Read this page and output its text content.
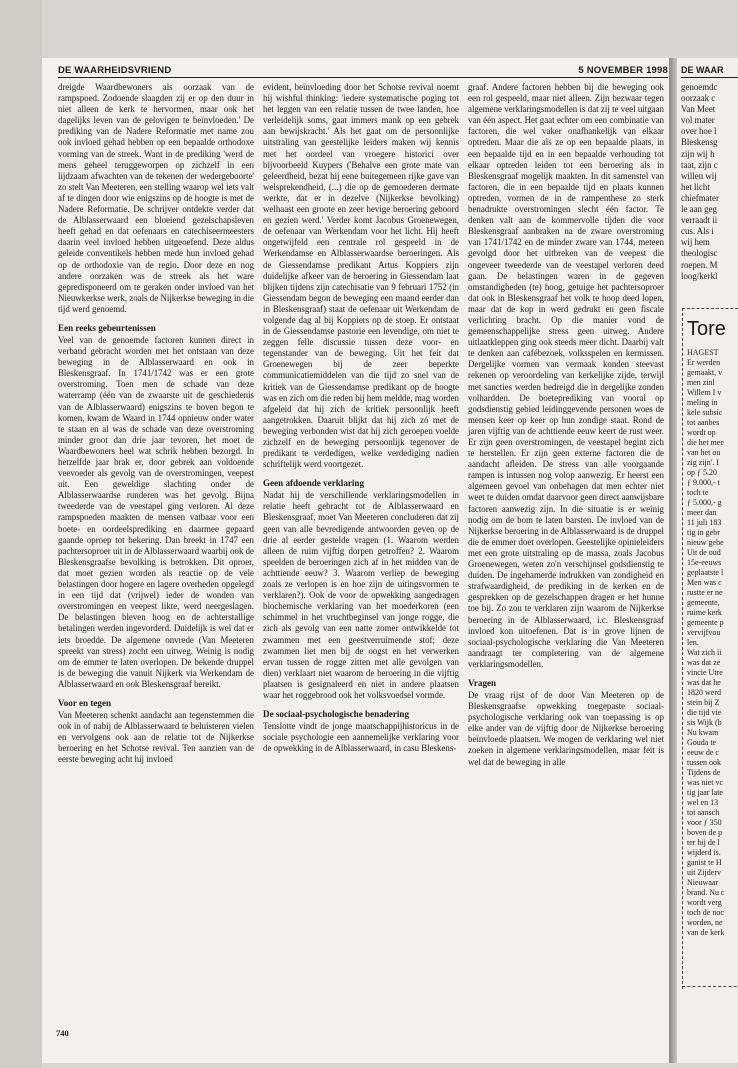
DE WAARHEIDSVRIEND	5 NOVEMBER 1998

dreigde Waardbewoners als oorzaak van de rampspoed. Zodoende slaagden zij er op den duur in niet alleen de kerk te hervormen, maar ook het dagelijks leven van de gelovigen te beïnvloeden.' De prediking van de Nadere Reformatie met name zou ook invloed gehad hebben op een bepaalde orthodoxe vorming van de streek. Want in de prediking 'werd de mens geheel teruggeworpen op zichzelf in een lijdzaam afwachten van de tekenen der wedergeboorte' zo stelt Van Meeteren, een stelling waarop wel iets valt af te dingen door wie enigszins op de hoogte is met de Nadere Reformatie. De schrijver ontdekte verder dat de Alblasserwaard een bloeiend gezelschapsleven heeft gehad en dat oefenaars en catechiseermeesters daarin veel invloed hebben uitgeoefend. Deze aldus geleide conventikels hebben mede hun invloed gehad op de orthodoxie van de regio. Door deze en nog andere oorzaken was de streek als het ware gepredisponeerd om te geraken onder invloed van het Nieuwkerkse werk, zoals de Nijkerkse beweging in die tijd werd genoemd.

Een reeks gebeurtenissen

Veel van de genoemde factoren kunnen direct in verband gebracht worden met het ontstaan van deze beweging in de Alblasserwaard en ook in Bleskensgraaf. In 1741/1742 was er een grote overstroming. Toen men de schade van deze waterramp (één van de zwaarste uit de geschiedenis van de Alblasserwaard) enigszins te boven begon te komen, kwam de Waard in 1744 opnieuw onder water te staan en al was de schade van deze overstroming minder groot dan drie jaar tevoren, het moet de Waardbewoners heel wat schrik hebben bezorgd. In hetzelfde jaar brak er, door gebrek aan voldoende veevoeder als gevolg van de overstromingen, veepest uit. Een geweldige slachting onder de Alblasserwaardse runderen was het gevolg. Bijna tweederde van de veestapel ging verloren. Al deze rampspoeden maakten de mensen vatbaar voor een boete- en oordeelsprediking en daarmee gepaard gaande oproep tot bekering. Dan breekt in 1747 een pachtersoproer uit in de Alblasserwaard waarbij ook de Bleskensgraafse bevolking is betrokken. Dit oproer, dat moet gezien worden als reactie op de vele belastingen door hogere en lagere overheden opgelegd in een tijd dat (vrijwel) ieder de wonden van overstromingen en veepest likte, werd neergeslagen. De belastingen bleven hoog en de achterstallige betalingen werden ingevorderd. Duidelijk is wel dat er iets broedde. De algemene onvrede (Van Meeteren spreekt van stress) zocht een uitweg. Weinig is nodig om de emmer te laten overlopen. De bekende druppel is de beweging die vanuit Nijkerk via Werkendam de Alblasserwaard en ook Bleskensgraaf bereikt.

Voor en tegen

Van Meeteren schenkt aandacht aan tegenstemmen die ook in of nabij de Alblasserwaard te beluisteren vielen en vervolgens ook aan de relatie tot de Nijkerkse beroering en het Schotse revival. Ten aanzien van de eerste beweging acht hij invloed

evident, beïnvloeding door het Schotse revival noemt hij wishful thinking: 'iedere systematische poging tot het leggen van een relatie tussen de twee landen, hoe verleidelijk soms, gaat immers mank op een gebrek aan bewijskracht.' Als het gaat om de persoonlijke uitstraling van geestelijke leiders maken wij kennis met het oordeel van vroegere historici over bijvoorbeeld Kuypers ('Behalve een grote mate van geleerdheid, bezat hij eene buitegemeen rijke gave van welsprekendheid, (...) die op de gemoederen dermate werkte, dat er in dezelve (Nijkerkse bevolking) welhaast een groote en zeer hevige beroering geboord en gezien werd.' Verder komt Jacobus Groenewegen, de oefenaar van Werkendam voor het licht. Hij heeft ongetwijfeld een centrale rol gespeeld in de Werkendamse en Alblasserwaardse beroeringen. Als de Giessendamse predikant Artus Koppiers zijn duidelijke afkeer van de beroering in Giessendam laat blijken tijdens zijn catechisatie van 9 februari 1752 (in Giessendam begon de beweging een maand eerder dan in Bleskensgraaf) staat de oefenaar uit Werkendam de volgende dag al bij Koppiers op de stoep. Er ontstaat in de Giessendamse pastorie een levendige, om niet te zeggen felle discussie tussen deze voor- en tegenstander van de beweging. Uit het feit dat Groenewegen bij de zeer beperkte communicatiemiddelen van die tijd zo snel van de kritiek van de Giessendamse predikant op de hoogte was en zich om die reden bij hem meldde, mag worden afgeleid dat hij zich de kritiek persoonlijk heeft aangetrokken. Daaruit blijkt dat hij zich zó met de beweging verbonden wist dat hij zich geroepen voelde zichzelf en de beweging persoonlijk tegenover de predikant te verdedigen, welke verdediging nadien schriftelijk werd voortgezet.

Geen afdoende verklaring

Nadat hij de verschillende verklaringsmodellen in relatie heeft gebracht tot de Alblasserwaard en Bleskensgraaf, moet Van Meeteren concluderen dat zij geen van alle bevredigende antwoorden geven op de drie al eerder gestelde vragen (1. Waarom werden alleen de ruim vijftig dorpen getroffen? 2. Waarom speelden de beroeringen zich af in het midden van de achttiende eeuw? 3. Waarom verliep de beweging zoals ze verlopen is en hoe zijn de uitingsvormen te verklaren?). Ook de voor de opwekking aangedragen biochemische verklaring van het moederkoren (een schimmel in het vruchtbeginsel van jonge rogge, die zich als gevolg van een natte zomer ontwikkelde tot zwammen met een geestverruimende stof; deze zwammen liet men bij de oogst en het verwerken ervan tussen de rogge zitten met alle gevolgen van dien) verklaart niet waarom de beroering in die vijftig plaatsen is gesignaleerd en niet in andere plaatsen waar het roggebrood ook het volksvoedsel vormde.

De sociaal-psychologische benadering

Tenslotte vindt de jonge maatschappijhistoricus in de sociale psychologie een aannemelijke verklaring voor de opwekking in de Alblasserwaard, in casu Bleskens-

graaf. Andere factoren hebben bij die beweging ook een rol gespeeld, maar niet alleen. Zijn bezwaar tegen algemene verklaringsmodellen is dat zij te veel uitgaan van één aspect. Het gaat echter om een combinatie van factoren, die wel vaker onafhankelijk van elkaar optreden. Maar die als ze op een bepaalde plaats, in een bepaalde tijd en in een bepaalde verhouding tot elkaar optreden leiden tot een beroering als in Bleskensgraaf mogelijk maakten. In dit samenstel van factoren, die in een bepaalde tijd en plaats kunnen optreden, vormen de in de rampenthese zo sterk benadrukte overstromingen slecht één factor. Te denken valt aan de kommervolle tijden die voor Bleskensgraaf aanbraken na de zware overstroming van 1741/1742 en de minder zware van 1744, meteen gevolgd door het uitbreken van de veepest die ongeveer tweederde van de veestapel verloren deed gaan. De belastingen waren in de gegeven omstandigheden (te) hoog, getuige het pachtersoproer dat ook in Bleskensgraaf het volk te hoop deed lopen, maar dat de kop in werd gedrukt en geen fiscale verlichting bracht. Op die manier vond de gemeenschappelijke stress geen uitweg. Andere uitlaatkleppen ging ook steeds meer dicht. Daarbij valt te denken aan cafébezoek, volksspelen en kermissen. Dergelijke vormen van vermaak konden steevast rekenen op veroordeling van kerkelijke zijde, terwijl met sancties werden bedreigd die in dergelijke zonden volhardden. De boeteprediking van vooral op godsdienstig gebied leidinggevende personen woes de mensen keer op keer op hun zondige staat. Rond de jaren vijftig van de achttiende eeuw keert de rust weer. Er zijn geen overstromingen, de veestapel begint zich te herstellen. Er zijn geen externe factoren die de aandacht afleiden. De stress van alle voorgaande rampen is intussen nog volop aanwezig. Er heerst een algemeen gevoel van onbehagen dat men echter niet weet te duiden omdat daarvoor geen direct aanwijsbare factoren aanwezig zijn. In die situatie is er weinig nodig om de bom te laten barsten. De invloed van de Nijkerkse beroering in de Alblasserwaard is de druppel die de emmer doet overlopen. Geestelijke opinieleiders met een grote uitstraling op de massa, zoals Jacobus Groenewegen, weten zo'n verschijnsel godsdienstig te duiden. De ingehamerde indrukken van zondigheid en strafwaardigheid, de prediking in de kerken en de gesprekken op de gezelschappen dragen er het hunne toe bij. Zo zou te verklaren zijn waarom de Nijkerkse beroering in de Alblasserwaard, i.c. Bleskensgraaf invloed kon uitoefenen. Dat is in grove lijnen de sociaal-psychologische verklaring die Van Meeteren aandraagt ter completering van de algemene verklaringsmodellen.

Vragen

De vraag rijst of de door Van Meeteren op de Bleskensgraafse opwekking toegepaste sociaal-psychologische verklaring ook van toepassing is op elke ander van de vijftig door de Nijkerkse beroering beïnvloede plaatsen. We mogen de verklaring wel niet zoeken in algemene verklaringsmodellen, maar feit is wel dat de beweging in alle

740
DE WAAR
genoemdc
oorzaak c
Van Meet
vol mater
over hoe l
Bleskensg
zijn wij h
taat, zijn c
willen wij
het licht
chiefmater
le aan geg
verraadt ii
cus. Als i
wij hem
theologisc
roepen. M
loog/kerkl
Tore
HAGEST
Er werden
gemaakt, v
men zinl
Willem I v
meling in
kele subsic
tot aanbes
wordt op
die het mee
van het ou
zig zijn'. I
op ƒ 5.20
ƒ 9.000,- t
toch te
ƒ 5.000,- g
meer dan
11 juli 183
tig in gebr
nieuw gebe
Uit de oud
15e-eeuws
geplaatste l
Men was c
rustte er ne
gemeente,
ruime kerk
gemeente p
vervijfvou
len.
Wat zich ii
was dat ze
vincie Utre
was dat he
1820 werd
stein bij Z
die tijd vie
sis Wijk (b
Nu kwam
Gouda te
eeuw de c
tussen ook
Tijdens de
was niet vc
tig jaar late
wel en 13
tot aansch
voor ƒ 350
boven de p
ter bij de l
wijderd is.
ganist te H
uit Zijderv
Nieuwaar
brand. Nu c
wordt verg
toch de noc
worden, ne
van de kerk
